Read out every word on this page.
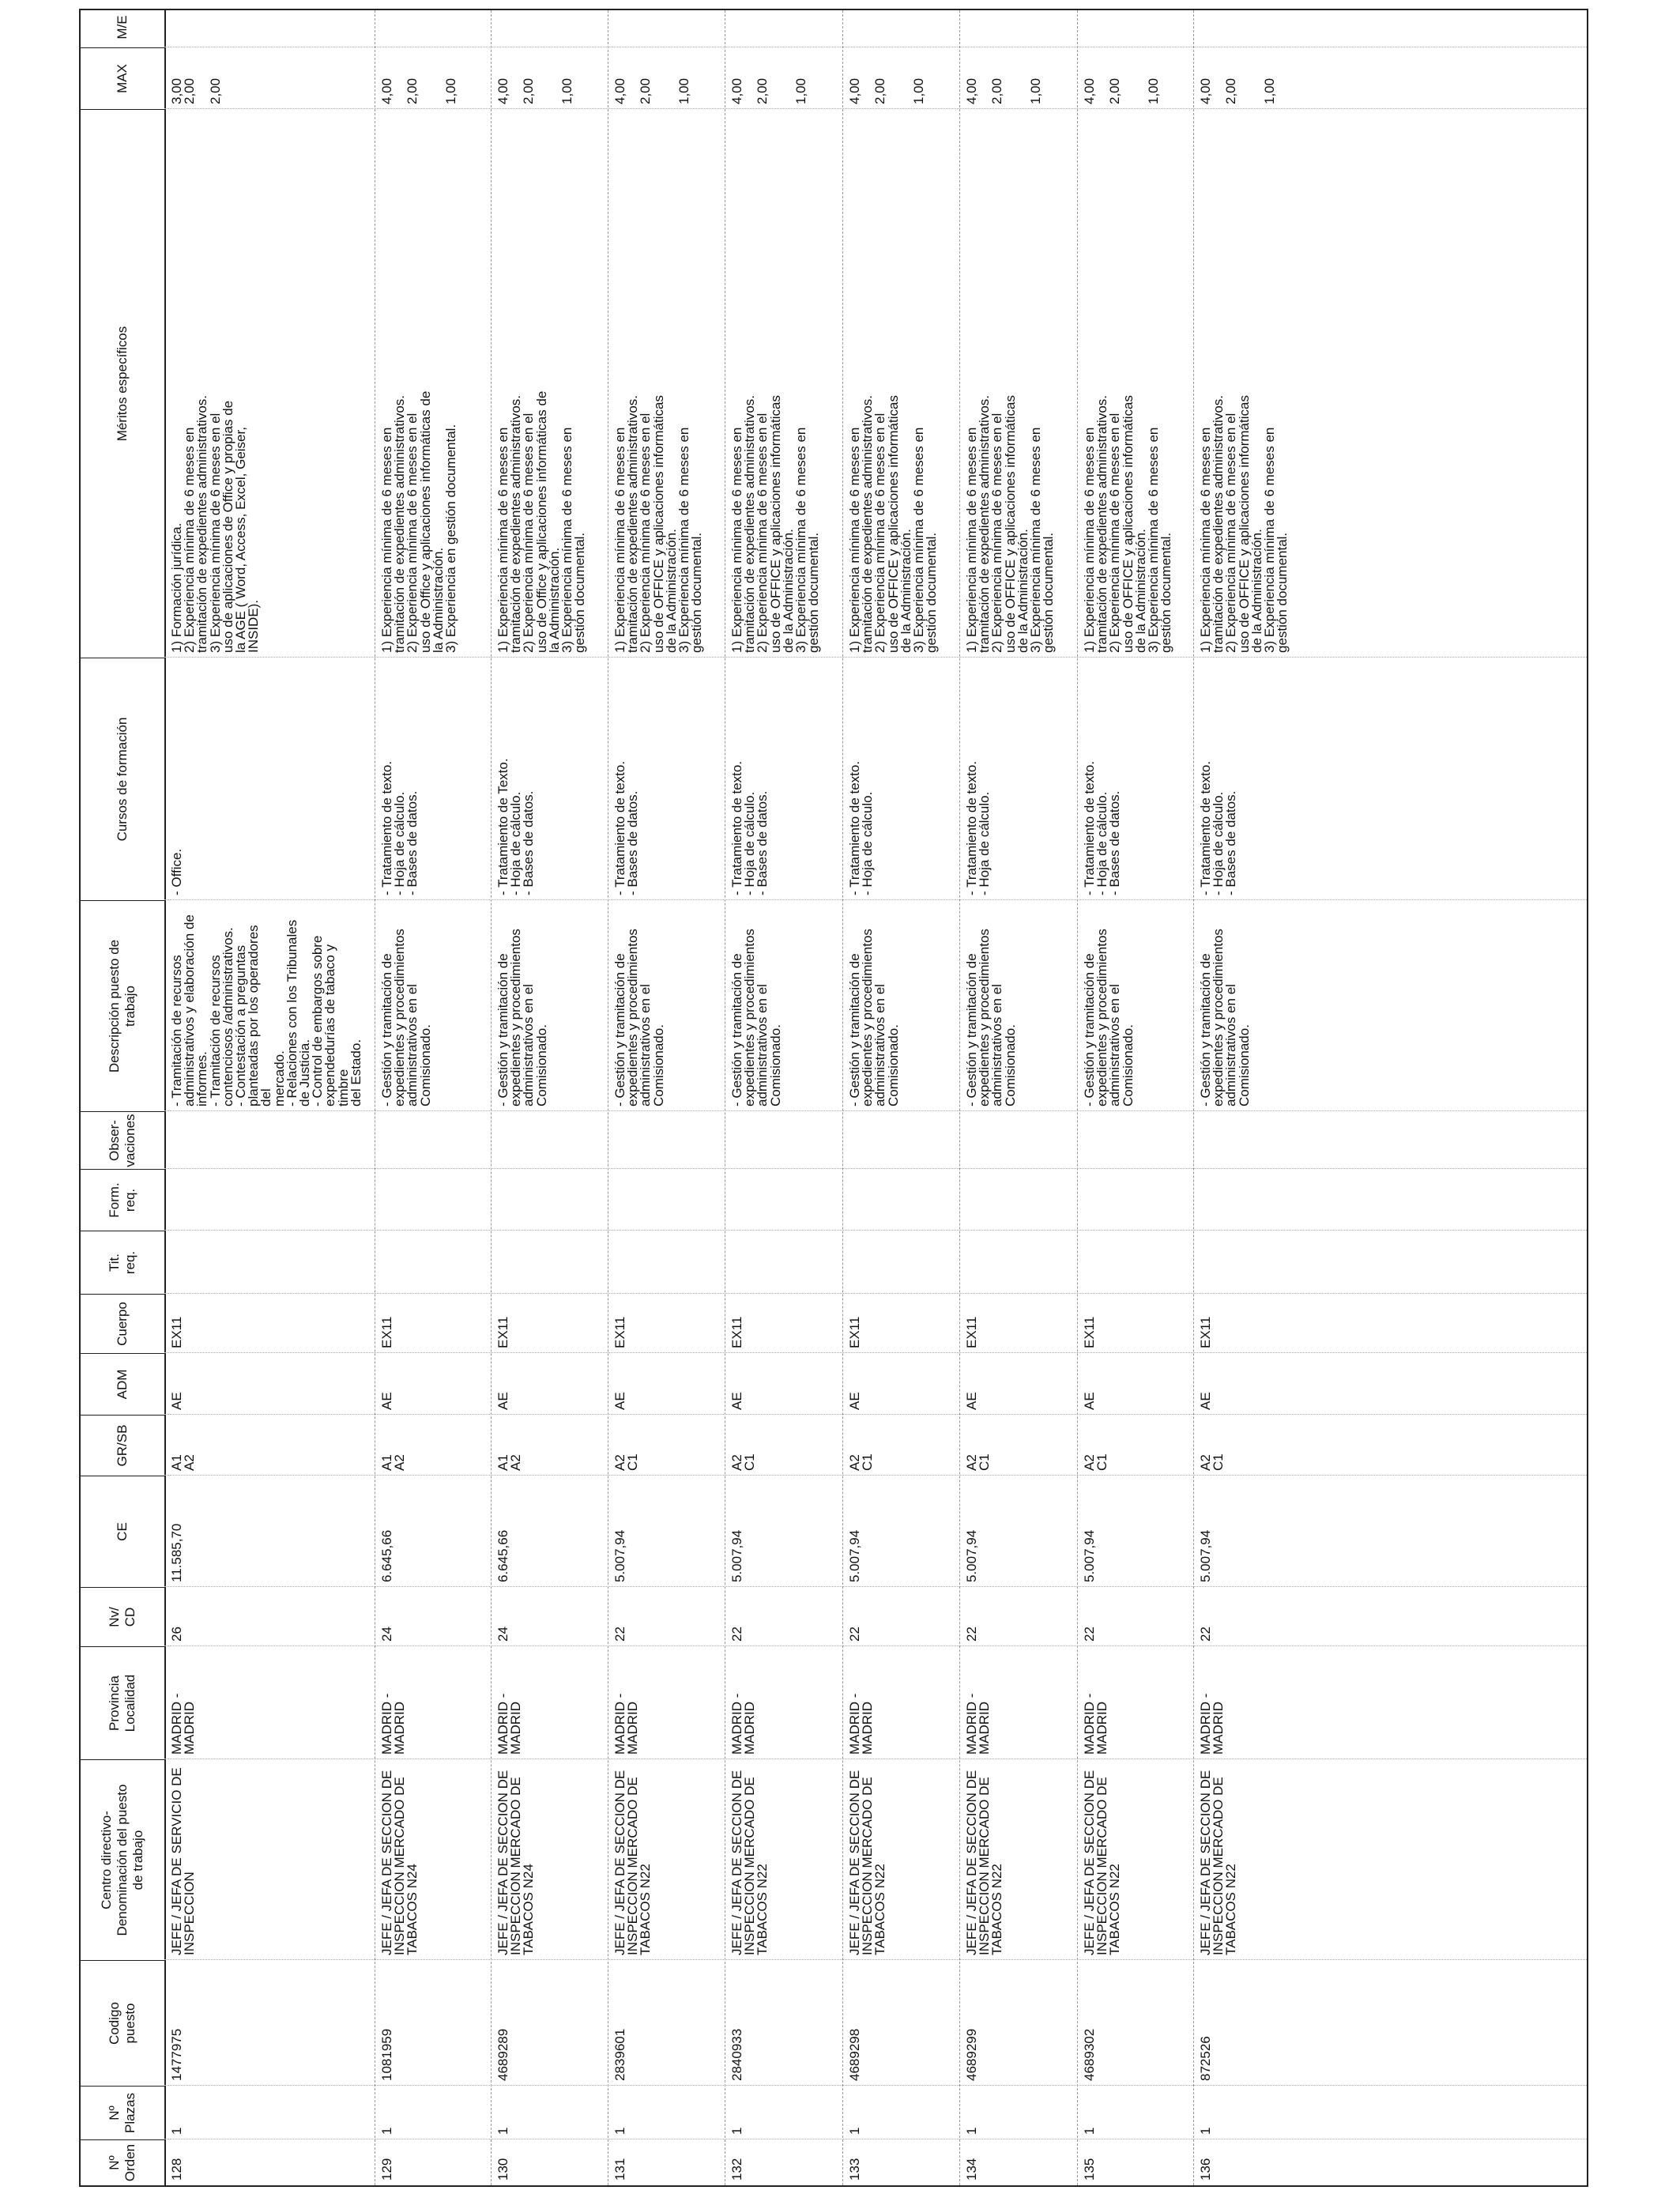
Nº
Orden
Nº
Plazas
Codigo
puesto
Centro directivo-
Denominación del puesto
de trabajo
Provincia
Localidad
Nv/
CD
CE
GR/SB
ADM
Cuerpo
Tit.
req.
Form.
req.
Obser-
vaciones
Descripción puesto de
trabajo
Cursos de formación
Méritos específicos
MAX
M/E
128
1
1477975
JEFE / JEFA DE SERVICIO DE
INSPECCION
MADRID -
MADRID
26
11.585,70
A1
A2
AE
EX11
- Tramitación de recursos
administrativos y elaboración de
informes.
- Tramitación de recursos
contenciosos /administrativos.
- Contestación a preguntas
planteadas por los operadores del
mercado.
- Relaciones con los Tribunales
de Justicia.
- Control de embargos sobre
expendedurías de tabaco y timbre
del Estado.
- Office.
1) Formación jurídica.
2) Experiencia mínima de 6 meses en
tramitación de expedientes administrativos.
3) Experiencia mínima de 6 meses en el
uso de aplicaciones de Office y propias de
la AGE ( Word, Access, Excel, Geiser,
INSIDE).
3,00
2,00

2,00
129
1
1081959
JEFE / JEFA DE SECCION DE
INSPECCION MERCADO DE
TABACOS N24
MADRID -
MADRID
24
6.645,66
A1
A2
AE
EX11
- Gestión y tramitación de
expedientes y procedimientos
administrativos en el
Comisionado.
- Tratamiento de texto.
- Hoja de cálculo.
- Bases de datos.
1) Experiencia mínima de 6 meses en
tramitación de expedientes administrativos.
2) Experiencia mínima de 6 meses en el
uso de Office y aplicaciones informáticas de
la Administración.
3) Experiencia en gestión documental.
4,00

2,00

1,00
130
1
4689289
JEFE / JEFA DE SECCION DE
INSPECCION MERCADO DE
TABACOS N24
MADRID -
MADRID
24
6.645,66
A1
A2
AE
EX11
- Gestión y tramitación de
expedientes y procedimientos
administrativos en el
Comisionado.
- Tratamiento de Texto.
- Hoja de cálculo.
- Bases de datos.
1) Experiencia mínima de 6 meses en
tramitación de expedientes administrativos.
2) Experiencia mínima de 6 meses en el
uso de Office y aplicaciones informáticas de
la Administración.
3) Experiencia mínima de 6 meses en
gestión documental.
4,00

2,00

1,00
131
1
2839601
JEFE / JEFA DE SECCION DE
INSPECCION MERCADO DE
TABACOS N22
MADRID -
MADRID
22
5.007,94
A2
C1
AE
EX11
- Gestión y tramitación de
expedientes y procedimientos
administrativos en el
Comisionado.
- Tratamiento de texto.
- Bases de datos.
1) Experiencia mínima de 6 meses en
tramitación de expedientes administrativos.
2) Experiencia mínima de 6 meses en el
uso de OFFICE y aplicaciones informáticas
de la Administración.
3) Experiencia mínima de 6 meses en
gestión documental.
4,00

2,00

1,00
132
1
2840933
JEFE / JEFA DE SECCION DE
INSPECCION MERCADO DE
TABACOS N22
MADRID -
MADRID
22
5.007,94
A2
C1
AE
EX11
- Gestión y tramitación de
expedientes y procedimientos
administrativos en el
Comisionado.
- Tratamiento de texto.
- Hoja de cálculo.
- Bases de datos.
1) Experiencia mínima de 6 meses en
tramitación de expedientes administrativos.
2) Experiencia mínima de 6 meses en el
uso de OFFICE y aplicaciones informáticas
de la Administración.
3) Experiencia mínima de 6 meses en
gestión documental.
4,00

2,00

1,00
133
1
4689298
JEFE / JEFA DE SECCION DE
INSPECCION MERCADO DE
TABACOS N22
MADRID -
MADRID
22
5.007,94
A2
C1
AE
EX11
- Gestión y tramitación de
expedientes y procedimientos
administrativos en el
Comisionado.
- Tratamiento de texto.
- Hoja de cálculo.
1) Experiencia mínima de 6 meses en
tramitación de expedientes administrativos.
2) Experiencia mínima de 6 meses en el
uso de OFFICE y aplicaciones informáticas
de la Administración.
3) Experiencia mínima de 6 meses en
gestión documental.
4,00

2,00

1,00
134
1
4689299
JEFE / JEFA DE SECCION DE
INSPECCION MERCADO DE
TABACOS N22
MADRID -
MADRID
22
5.007,94
A2
C1
AE
EX11
- Gestión y tramitación de
expedientes y procedimientos
administrativos en el
Comisionado.
- Tratamiento de texto.
- Hoja de cálculo.
1) Experiencia mínima de 6 meses en
tramitación de expedientes administrativos.
2) Experiencia mínima de 6 meses en el
uso de OFFICE y aplicaciones informáticas
de la Administración.
3) Experiencia mínima de 6 meses en
gestión documental.
4,00

2,00

1,00
135
1
4689302
JEFE / JEFA DE SECCION DE
INSPECCION MERCADO DE
TABACOS N22
MADRID -
MADRID
22
5.007,94
A2
C1
AE
EX11
- Gestión y tramitación de
expedientes y procedimientos
administrativos en el
Comisionado.
- Tratamiento de texto.
- Hoja de cálculo.
- Bases de datos.
1) Experiencia mínima de 6 meses en
tramitación de expedientes administrativos.
2) Experiencia mínima de 6 meses en el
uso de OFFICE y aplicaciones informáticas
de la Administración.
3) Experiencia mínima de 6 meses en
gestión documental.
4,00

2,00

1,00
136
1
872526
JEFE / JEFA DE SECCION DE
INSPECCION MERCADO DE
TABACOS N22
MADRID -
MADRID
22
5.007,94
A2
C1
AE
EX11
- Gestión y tramitación de
expedientes y procedimientos
administrativos en el
Comisionado.
- Tratamiento de texto.
- Hoja de cálculo.
- Bases de datos.
1) Experiencia mínima de 6 meses en
tramitación de expedientes administrativos.
2) Experiencia mínima de 6 meses en el
uso de OFFICE y aplicaciones informáticas
de la Administración.
3) Experiencia mínima de 6 meses en
gestión documental.
4,00

2,00

1,00
